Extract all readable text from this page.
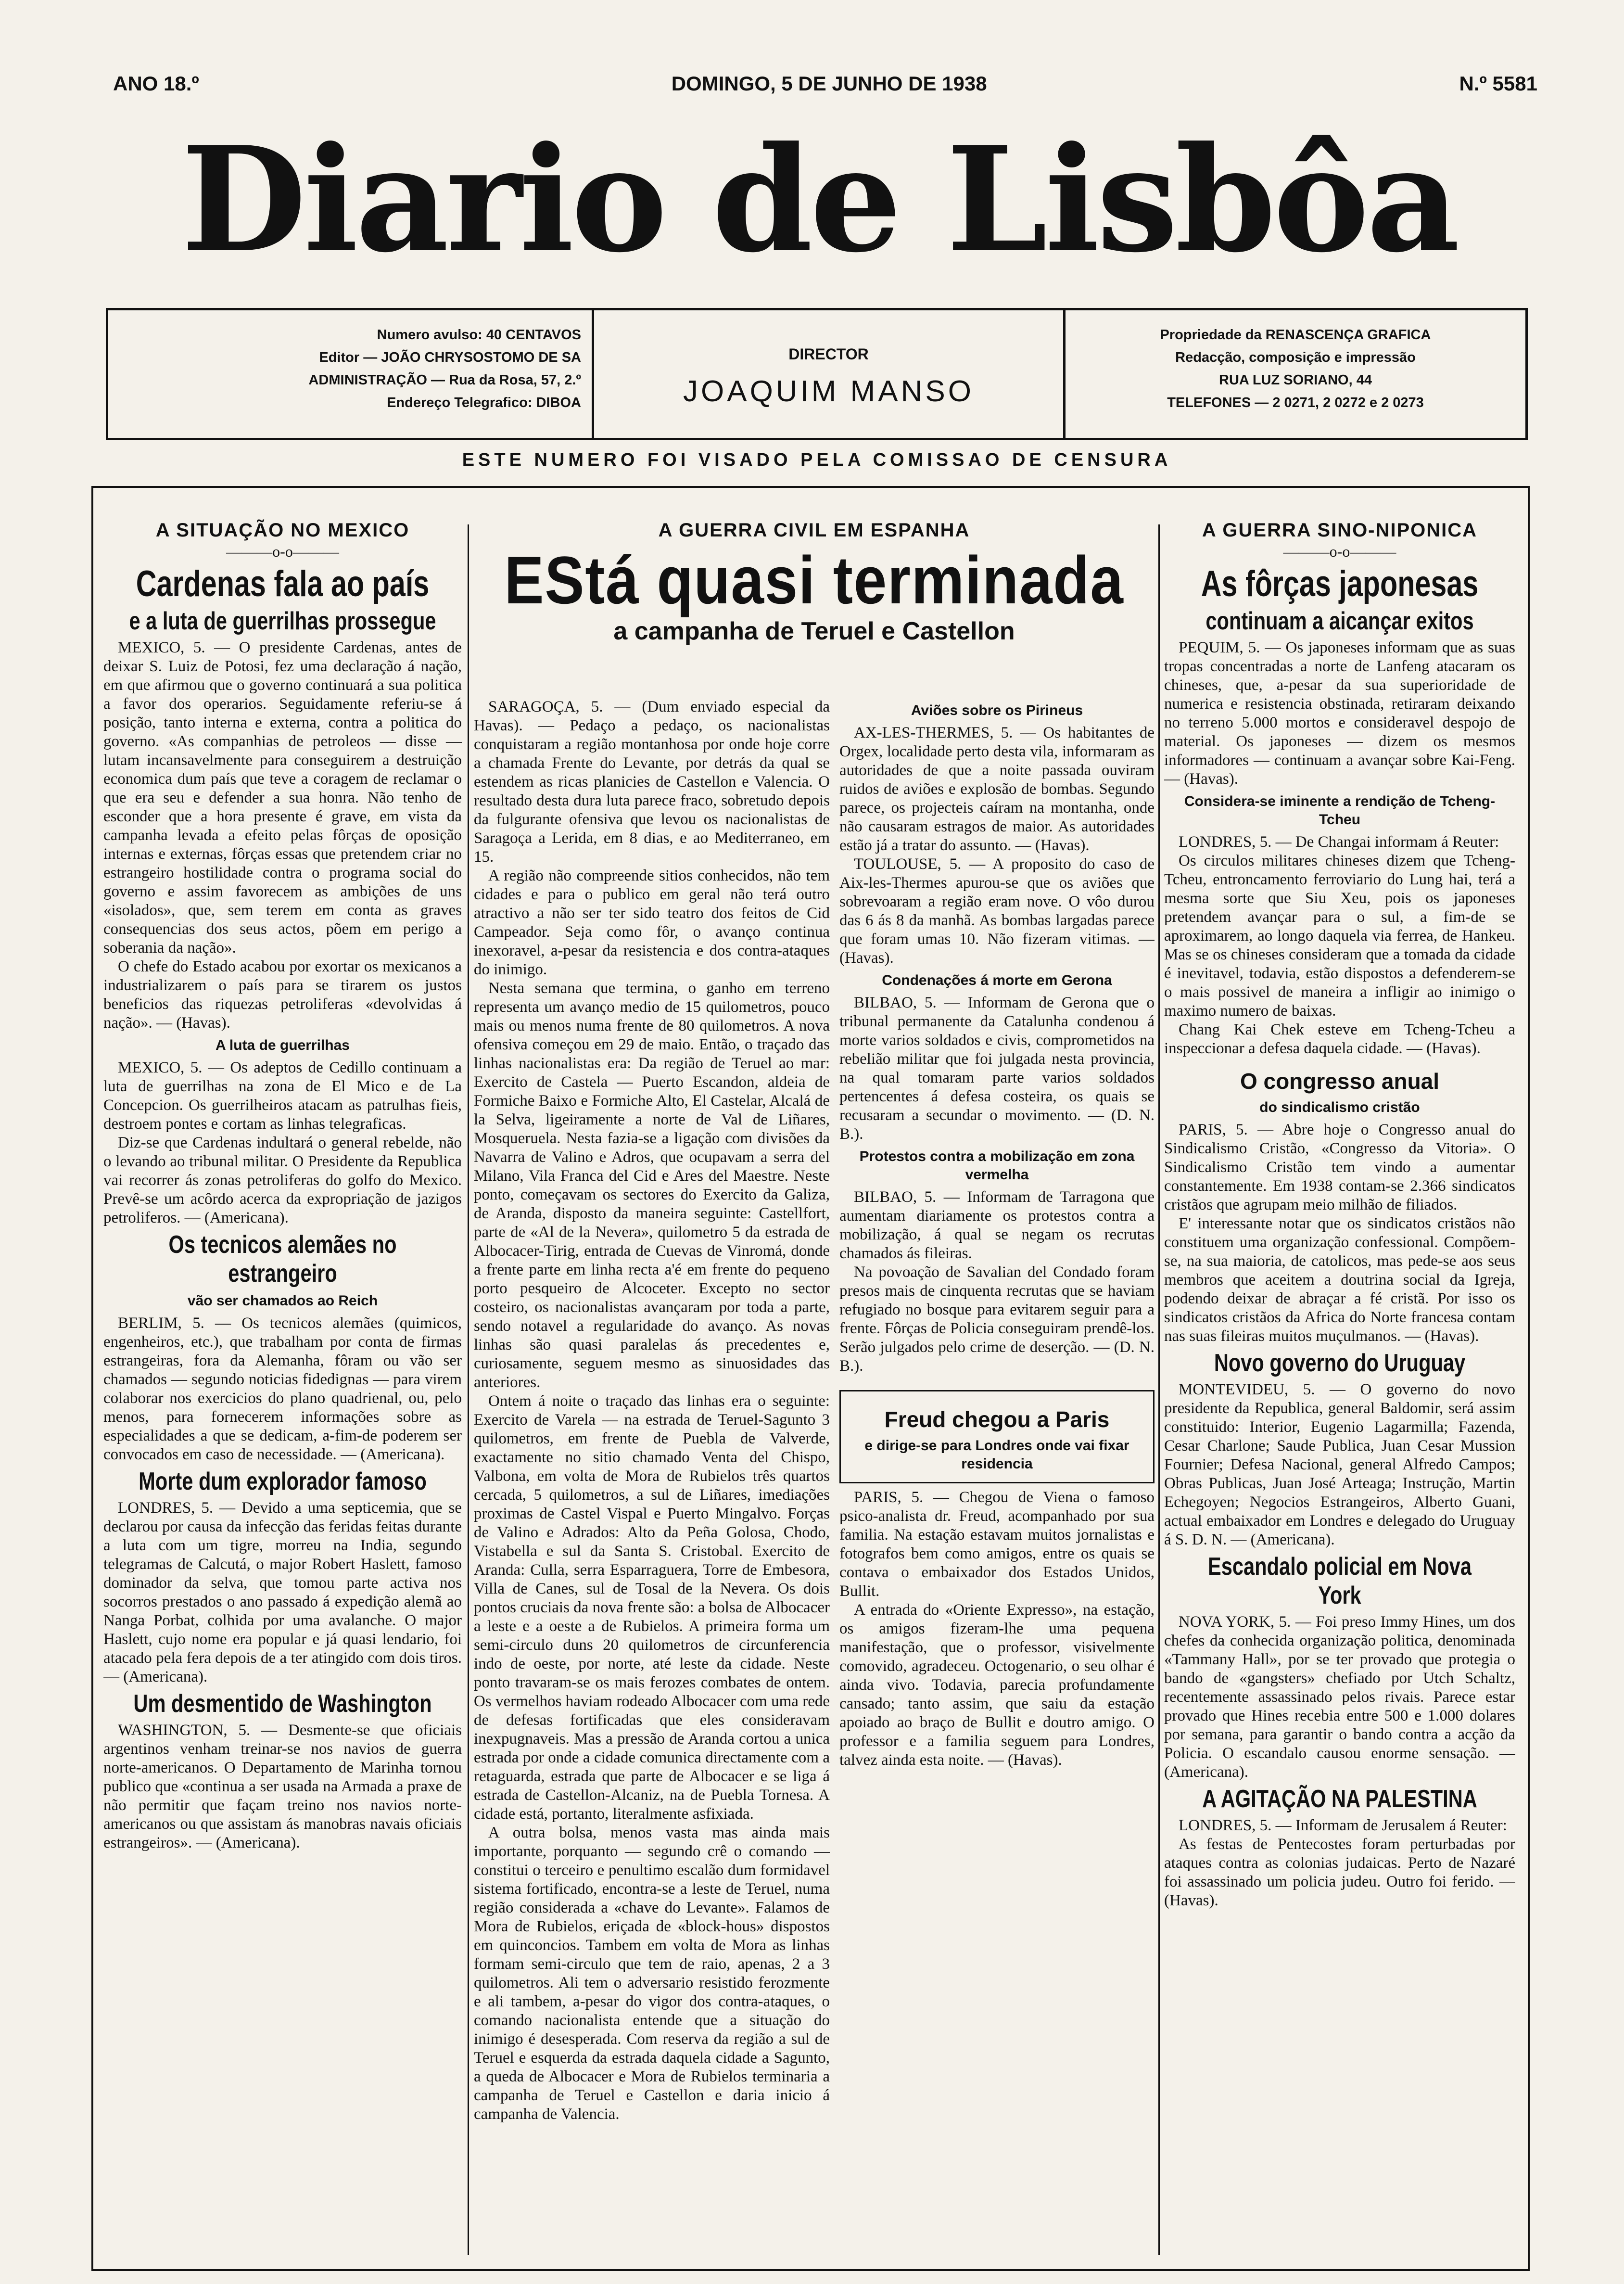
ANO 18.º	DOMINGO, 5 DE JUNHO DE 1938	N.º 5581
Diario de Lisbôa
Numero avulso: 40 CENTAVOS
Editor — JOÃO CHRYSOSTOMO DE SA
ADMINISTRAÇÃO — Rua da Rosa, 57, 2.º
Endereço Telegrafico: DIBOA
DIRECTOR
JOAQUIM MANSO
Propriedade da RENASCENÇA GRAFICA
Redacção, composição e impressão
RUA LUZ SORIANO, 44
TELEFONES — 2 0271, 2 0272 e 2 0273
ESTE NUMERO FOI VISADO PELA COMISSAO DE CENSURA
A SITUAÇÃO NO MEXICO
———o-o———
Cardenas fala ao país
e a luta de guerrilhas prossegue

MEXICO, 5. — O presidente Cardenas, antes de deixar S. Luiz de Potosi, fez uma declaração á nação, em que afirmou que o governo continuará a sua politica a favor dos operarios. Seguidamente referiu-se á posição, tanto interna e externa, contra a politica do governo. «As companhias de petroleos — disse — lutam incansavelmente para conseguirem a destruição economica dum país que teve a coragem de reclamar o que era seu e defender a sua honra. Não tenho de esconder que a hora presente é grave, em vista da campanha levada a efeito pelas fôrças de oposição internas e externas, fôrças essas que pretendem criar no estrangeiro hostilidade contra o programa social do governo e assim favorecem as ambições de uns «isolados», que, sem terem em conta as graves consequencias dos seus actos, põem em perigo a soberania da nação».

O chefe do Estado acabou por exortar os mexicanos a industrializarem o país para se tirarem os justos beneficios das riquezas petroliferas «devolvidas á nação». — (Havas).

A luta de guerrilhas

MEXICO, 5. — Os adeptos de Cedillo continuam a luta de guerrilhas na zona de El Mico e de La Concepcion. Os guerrilheiros atacam as patrulhas fieis, destroem pontes e cortam as linhas telegraficas.

Diz-se que Cardenas indultará o general rebelde, não o levando ao tribunal militar. O Presidente da Republica vai recorrer ás zonas petroliferas do golfo do Mexico. Prevê-se um acôrdo acerca da expropriação de jazigos petroliferos. — (Americana).

Os tecnicos alemães no estrangeiro
vão ser chamados ao Reich

BERLIM, 5. — Os tecnicos alemães (quimicos, engenheiros, etc.), que trabalham por conta de firmas estrangeiras, fora da Alemanha, fôram ou vão ser chamados — segundo noticias fidedignas — para virem colaborar nos exercicios do plano quadrienal, ou, pelo menos, para fornecerem informações sobre as especialidades a que se dedicam, a-fim-de poderem ser convocados em caso de necessidade. — (Americana).

Morte dum explorador famoso

LONDRES, 5. — Devido a uma septicemia, que se declarou por causa da infecção das feridas feitas durante a luta com um tigre, morreu na India, segundo telegramas de Calcutá, o major Robert Haslett, famoso dominador da selva, que tomou parte activa nos socorros prestados o ano passado á expedição alemã ao Nanga Porbat, colhida por uma avalanche. O major Haslett, cujo nome era popular e já quasi lendario, foi atacado pela fera depois de a ter atingido com dois tiros. — (Americana).

Um desmentido de Washington

WASHINGTON, 5. — Desmente-se que oficiais argentinos venham treinar-se nos navios de guerra norte-americanos. O Departamento de Marinha tornou publico que «continua a ser usada na Armada a praxe de não permitir que façam treino nos navios norte-americanos ou que assistam ás manobras navais oficiais estrangeiros». — (Americana).

A GUERRA CIVIL EM ESPANHA
EStá quasi terminada
a campanha de Teruel e Castellon

SARAGOÇA, 5. — (Dum enviado especial da Havas). — Pedaço a pedaço, os nacionalistas conquistaram a região montanhosa por onde hoje corre a chamada Frente do Levante, por detrás da qual se estendem as ricas planicies de Castellon e Valencia. O resultado desta dura luta parece fraco, sobretudo depois da fulgurante ofensiva que levou os nacionalistas de Saragoça a Lerida, em 8 dias, e ao Mediterraneo, em 15.

A região não compreende sitios conhecidos, não tem cidades e para o publico em geral não terá outro atractivo a não ser ter sido teatro dos feitos de Cid Campeador. Seja como fôr, o avanço continua inexoravel, a-pesar da resistencia e dos contra-ataques do inimigo.

Nesta semana que termina, o ganho em terreno representa um avanço medio de 15 quilometros, pouco mais ou menos numa frente de 80 quilometros. A nova ofensiva começou em 29 de maio. Então, o traçado das linhas nacionalistas era: Da região de Teruel ao mar: Exercito de Castela — Puerto Escandon, aldeia de Formiche Baixo e Formiche Alto, El Castelar, Alcalá de la Selva, ligeiramente a norte de Val de Liñares, Mosqueruela. Nesta fazia-se a ligação com divisões da Navarra de Valino e Adros, que ocupavam a serra del Milano, Vila Franca del Cid e Ares del Maestre. Neste ponto, começavam os sectores do Exercito da Galiza, de Aranda, disposto da maneira seguinte: Castellfort, parte de «Al de la Nevera», quilometro 5 da estrada de Albocacer-Tirig, entrada de Cuevas de Vinromá, donde a frente parte em linha recta a'é em frente do pequeno porto pesqueiro de Alcoceter. Excepto no sector costeiro, os nacionalistas avançaram por toda a parte, sendo notavel a regularidade do avanço. As novas linhas são quasi paralelas ás precedentes e, curiosamente, seguem mesmo as sinuosidades das anteriores.

Ontem á noite o traçado das linhas era o seguinte: Exercito de Varela — na estrada de Teruel-Sagunto 3 quilometros, em frente de Puebla de Valverde, exactamente no sitio chamado Venta del Chispo, Valbona, em volta de Mora de Rubielos três quartos cercada, 5 quilometros, a sul de Liñares, imediações proximas de Castel Vispal e Puerto Mingalvo. Forças de Valino e Adrados: Alto da Peña Golosa, Chodo, Vistabella e sul da Santa S. Cristobal. Exercito de Aranda: Culla, serra Esparraguera, Torre de Embesora, Villa de Canes, sul de Tosal de la Nevera. Os dois pontos cruciais da nova frente são: a bolsa de Albocacer a leste e a oeste a de Rubielos. A primeira forma um semi-circulo duns 20 quilometros de circunferencia indo de oeste, por norte, até leste da cidade. Neste ponto travaram-se os mais ferozes combates de ontem. Os vermelhos haviam rodeado Albocacer com uma rede de defesas fortificadas que eles consideravam inexpugnaveis. Mas a pressão de Aranda cortou a unica estrada por onde a cidade comunica directamente com a retaguarda, estrada que parte de Albocacer e se liga á estrada de Castellon-Alcaniz, na de Puebla Tornesa. A cidade está, portanto, literalmente asfixiada.

A outra bolsa, menos vasta mas ainda mais importante, porquanto — segundo crê o comando — constitui o terceiro e penultimo escalão dum formidavel sistema fortificado, encontra-se a leste de Teruel, numa região considerada a «chave do Levante». Falamos de Mora de Rubielos, eriçada de «block-hous» dispostos em quinconcios. Tambem em volta de Mora as linhas formam semi-circulo que tem de raio, apenas, 2 a 3 quilometros. Ali tem o adversario resistido ferozmente e ali tambem, a-pesar do vigor dos contra-ataques, o comando nacionalista entende que a situação do inimigo é desesperada. Com reserva da região a sul de Teruel e esquerda da estrada daquela cidade a Sagunto, a queda de Albocacer e Mora de Rubielos terminaria a campanha de Teruel e Castellon e daria inicio á campanha de Valencia.

Aviões sobre os Pirineus

AX-LES-THERMES, 5. — Os habitantes de Orgex, localidade perto desta vila, informaram as autoridades de que a noite passada ouviram ruidos de aviões e explosão de bombas. Segundo parece, os projecteis caíram na montanha, onde não causaram estragos de maior. As autoridades estão já a tratar do assunto. — (Havas).

TOULOUSE, 5. — A proposito do caso de Aix-les-Thermes apurou-se que os aviões que sobrevoaram a região eram nove. O vôo durou das 6 ás 8 da manhã. As bombas largadas parece que foram umas 10. Não fizeram vitimas. — (Havas).

Condenações á morte em Gerona

BILBAO, 5. — Informam de Gerona que o tribunal permanente da Catalunha condenou á morte varios soldados e civis, comprometidos na rebelião militar que foi julgada nesta provincia, na qual tomaram parte varios soldados pertencentes á defesa costeira, os quais se recusaram a secundar o movimento. — (D. N. B.).

Protestos contra a mobilização em zona vermelha

BILBAO, 5. — Informam de Tarragona que aumentam diariamente os protestos contra a mobilização, á qual se negam os recrutas chamados ás fileiras.

Na povoação de Savalian del Condado foram presos mais de cinquenta recrutas que se haviam refugiado no bosque para evitarem seguir para a frente. Fôrças de Policia conseguiram prendê-los. Serão julgados pelo crime de deserção. — (D. N. B.).

Freud chegou a Paris
e dirige-se para Londres onde vai fixar residencia

PARIS, 5. — Chegou de Viena o famoso psico-analista dr. Freud, acompanhado por sua familia. Na estação estavam muitos jornalistas e fotografos bem como amigos, entre os quais se contava o embaixador dos Estados Unidos, Bullit.

A entrada do «Oriente Expresso», na estação, os amigos fizeram-lhe uma pequena manifestação, que o professor, visivelmente comovido, agradeceu. Octogenario, o seu olhar é ainda vivo. Todavia, parecia profundamente cansado; tanto assim, que saiu da estação apoiado ao braço de Bullit e doutro amigo. O professor e a familia seguem para Londres, talvez ainda esta noite. — (Havas).

A GUERRA SINO-NIPONICA
———o-o———
As fôrças japonesas
continuam a aicançar exitos

PEQUIM, 5. — Os japoneses informam que as suas tropas concentradas a norte de Lanfeng atacaram os chineses, que, a-pesar da sua superioridade de numerica e resistencia obstinada, retiraram deixando no terreno 5.000 mortos e consideravel despojo de material. Os japoneses — dizem os mesmos informadores — continuam a avançar sobre Kai-Feng. — (Havas).

Considera-se iminente a rendição de Tcheng-Tcheu

LONDRES, 5. — De Changai informam á Reuter:

Os circulos militares chineses dizem que Tcheng-Tcheu, entroncamento ferroviario do Lung hai, terá a mesma sorte que Siu Xeu, pois os japoneses pretendem avançar para o sul, a fim-de se aproximarem, ao longo daquela via ferrea, de Hankeu. Mas se os chineses consideram que a tomada da cidade é inevitavel, todavia, estão dispostos a defenderem-se o mais possivel de maneira a infligir ao inimigo o maximo numero de baixas.

Chang Kai Chek esteve em Tcheng-Tcheu a inspeccionar a defesa daquela cidade. — (Havas).

O congresso anual
do sindicalismo cristão

PARIS, 5. — Abre hoje o Congresso anual do Sindicalismo Cristão, «Congresso da Vitoria». O Sindicalismo Cristão tem vindo a aumentar constantemente. Em 1938 contam-se 2.366 sindicatos cristãos que agrupam meio milhão de filiados.

E' interessante notar que os sindicatos cristãos não constituem uma organização confessional. Compõem-se, na sua maioria, de catolicos, mas pede-se aos seus membros que aceitem a doutrina social da Igreja, podendo deixar de abraçar a fé cristã. Por isso os sindicatos cristãos da Africa do Norte francesa contam nas suas fileiras muitos muçulmanos. — (Havas).

Novo governo do Uruguay

MONTEVIDEU, 5. — O governo do novo presidente da Republica, general Baldomir, será assim constituido: Interior, Eugenio Lagarmilla; Fazenda, Cesar Charlone; Saude Publica, Juan Cesar Mussion Fournier; Defesa Nacional, general Alfredo Campos; Obras Publicas, Juan José Arteaga; Instrução, Martin Echegoyen; Negocios Estrangeiros, Alberto Guani, actual embaixador em Londres e delegado do Uruguay á S. D. N. — (Americana).

Escandalo policial em Nova York

NOVA YORK, 5. — Foi preso Immy Hines, um dos chefes da conhecida organização politica, denominada «Tammany Hall», por se ter provado que protegia o bando de «gangsters» chefiado por Utch Schaltz, recentemente assassinado pelos rivais. Parece estar provado que Hines recebia entre 500 e 1.000 dolares por semana, para garantir o bando contra a acção da Policia. O escandalo causou enorme sensação. — (Americana).

A AGITAÇÃO NA PALESTINA

LONDRES, 5. — Informam de Jerusalem á Reuter:

As festas de Pentecostes foram perturbadas por ataques contra as colonias judaicas. Perto de Nazaré foi assassinado um policia judeu. Outro foi ferido. — (Havas).
